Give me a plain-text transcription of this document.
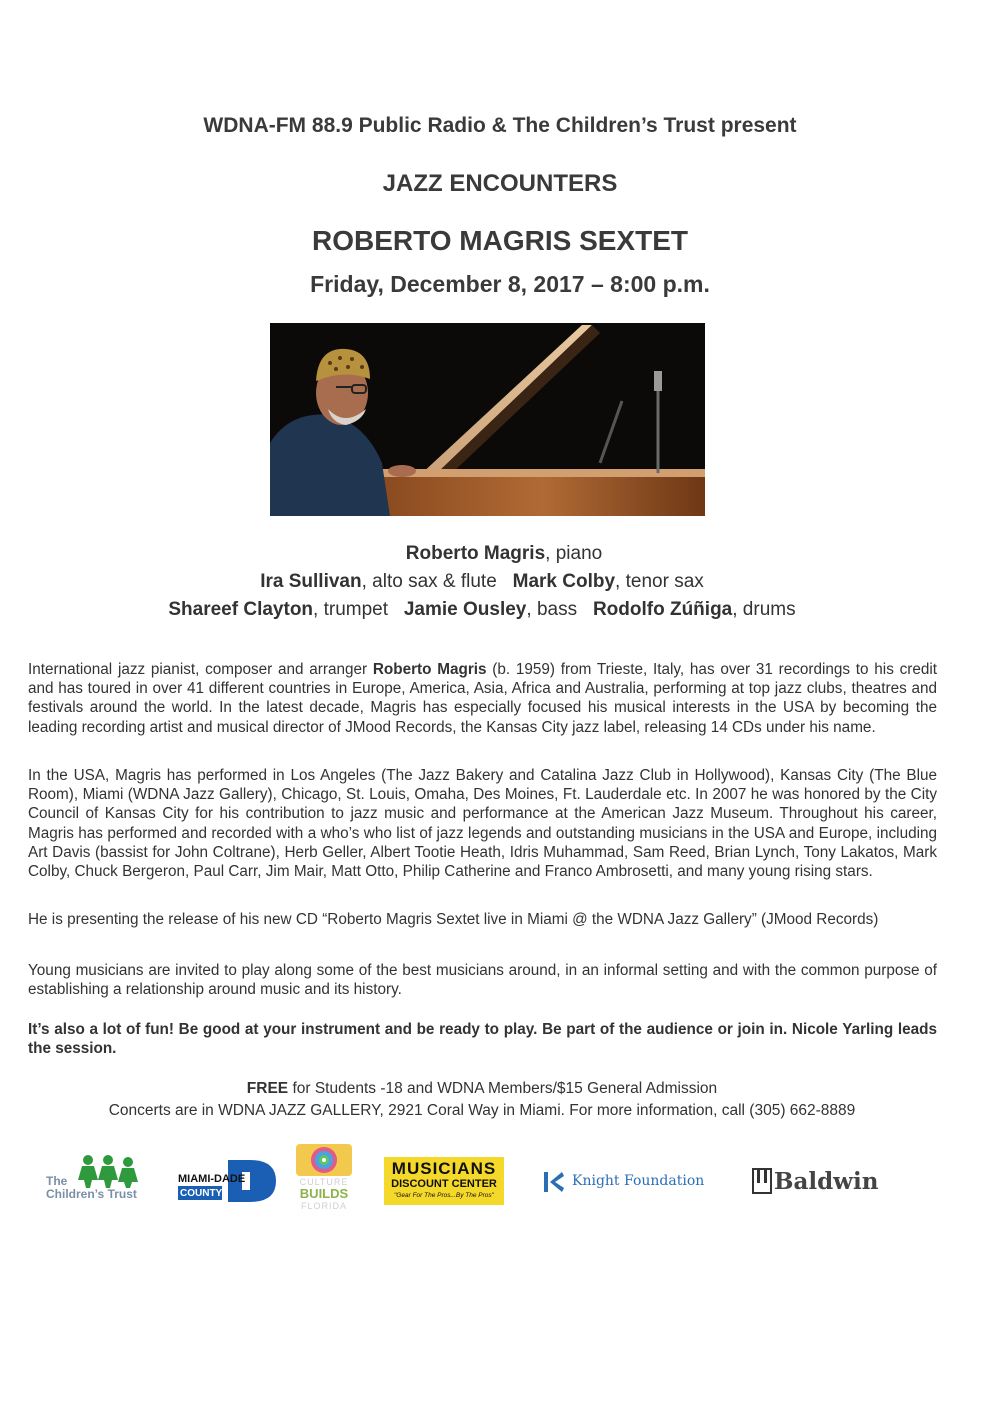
WDNA-FM 88.9 Public Radio & The Children’s Trust present
JAZZ ENCOUNTERS
ROBERTO MAGRIS SEXTET
Friday, December 8, 2017 – 8:00 p.m.
Roberto Magris, piano
Ira Sullivan, alto sax & flute Mark Colby, tenor sax
Shareef Clayton, trumpet Jamie Ousley, bass Rodolfo Zúñiga, drums
International jazz pianist, composer and arranger Roberto Magris (b. 1959) from Trieste, Italy, has over 31 recordings to his credit and has toured in over 41 different countries in Europe, America, Asia, Africa and Australia, performing at top jazz clubs, theatres and festivals around the world. In the latest decade, Magris has especially focused his musical interests in the USA by becoming the leading recording artist and musical director of JMood Records, the Kansas City jazz label, releasing 14 CDs under his name.
In the USA, Magris has performed in Los Angeles (The Jazz Bakery and Catalina Jazz Club in Hollywood), Kansas City (The Blue Room), Miami (WDNA Jazz Gallery), Chicago, St. Louis, Omaha, Des Moines, Ft. Lauderdale etc. In 2007 he was honored by the City Council of Kansas City for his contribution to jazz music and performance at the American Jazz Museum. Throughout his career, Magris has performed and recorded with a who’s who list of jazz legends and outstanding musicians in the USA and Europe, including Art Davis (bassist for John Coltrane), Herb Geller, Albert Tootie Heath, Idris Muhammad, Sam Reed, Brian Lynch, Tony Lakatos, Mark Colby, Chuck Bergeron, Paul Carr, Jim Mair, Matt Otto, Philip Catherine and Franco Ambrosetti, and many young rising stars.
He is presenting the release of his new CD “Roberto Magris Sextet live in Miami @ the WDNA Jazz Gallery” (JMood Records)
Young musicians are invited to play along some of the best musicians around, in an informal setting and with the common purpose of establishing a relationship around music and its history.
It’s also a lot of fun! Be good at your instrument and be ready to play. Be part of the audience or join in. Nicole Yarling leads the session.
FREE for Students -18 and WDNA Members/$15 General Admission
Concerts are in WDNA JAZZ GALLERY, 2921 Coral Way in Miami. For more information, call (305) 662-8889
The
Children’s Trust
MIAMI-DADE
COUNTY
CULTURE
BUILDS
FLORIDA
MUSICIANS
DISCOUNT CENTER
"Gear For The Pros...By The Pros"
Knight Foundation	Baldwin
